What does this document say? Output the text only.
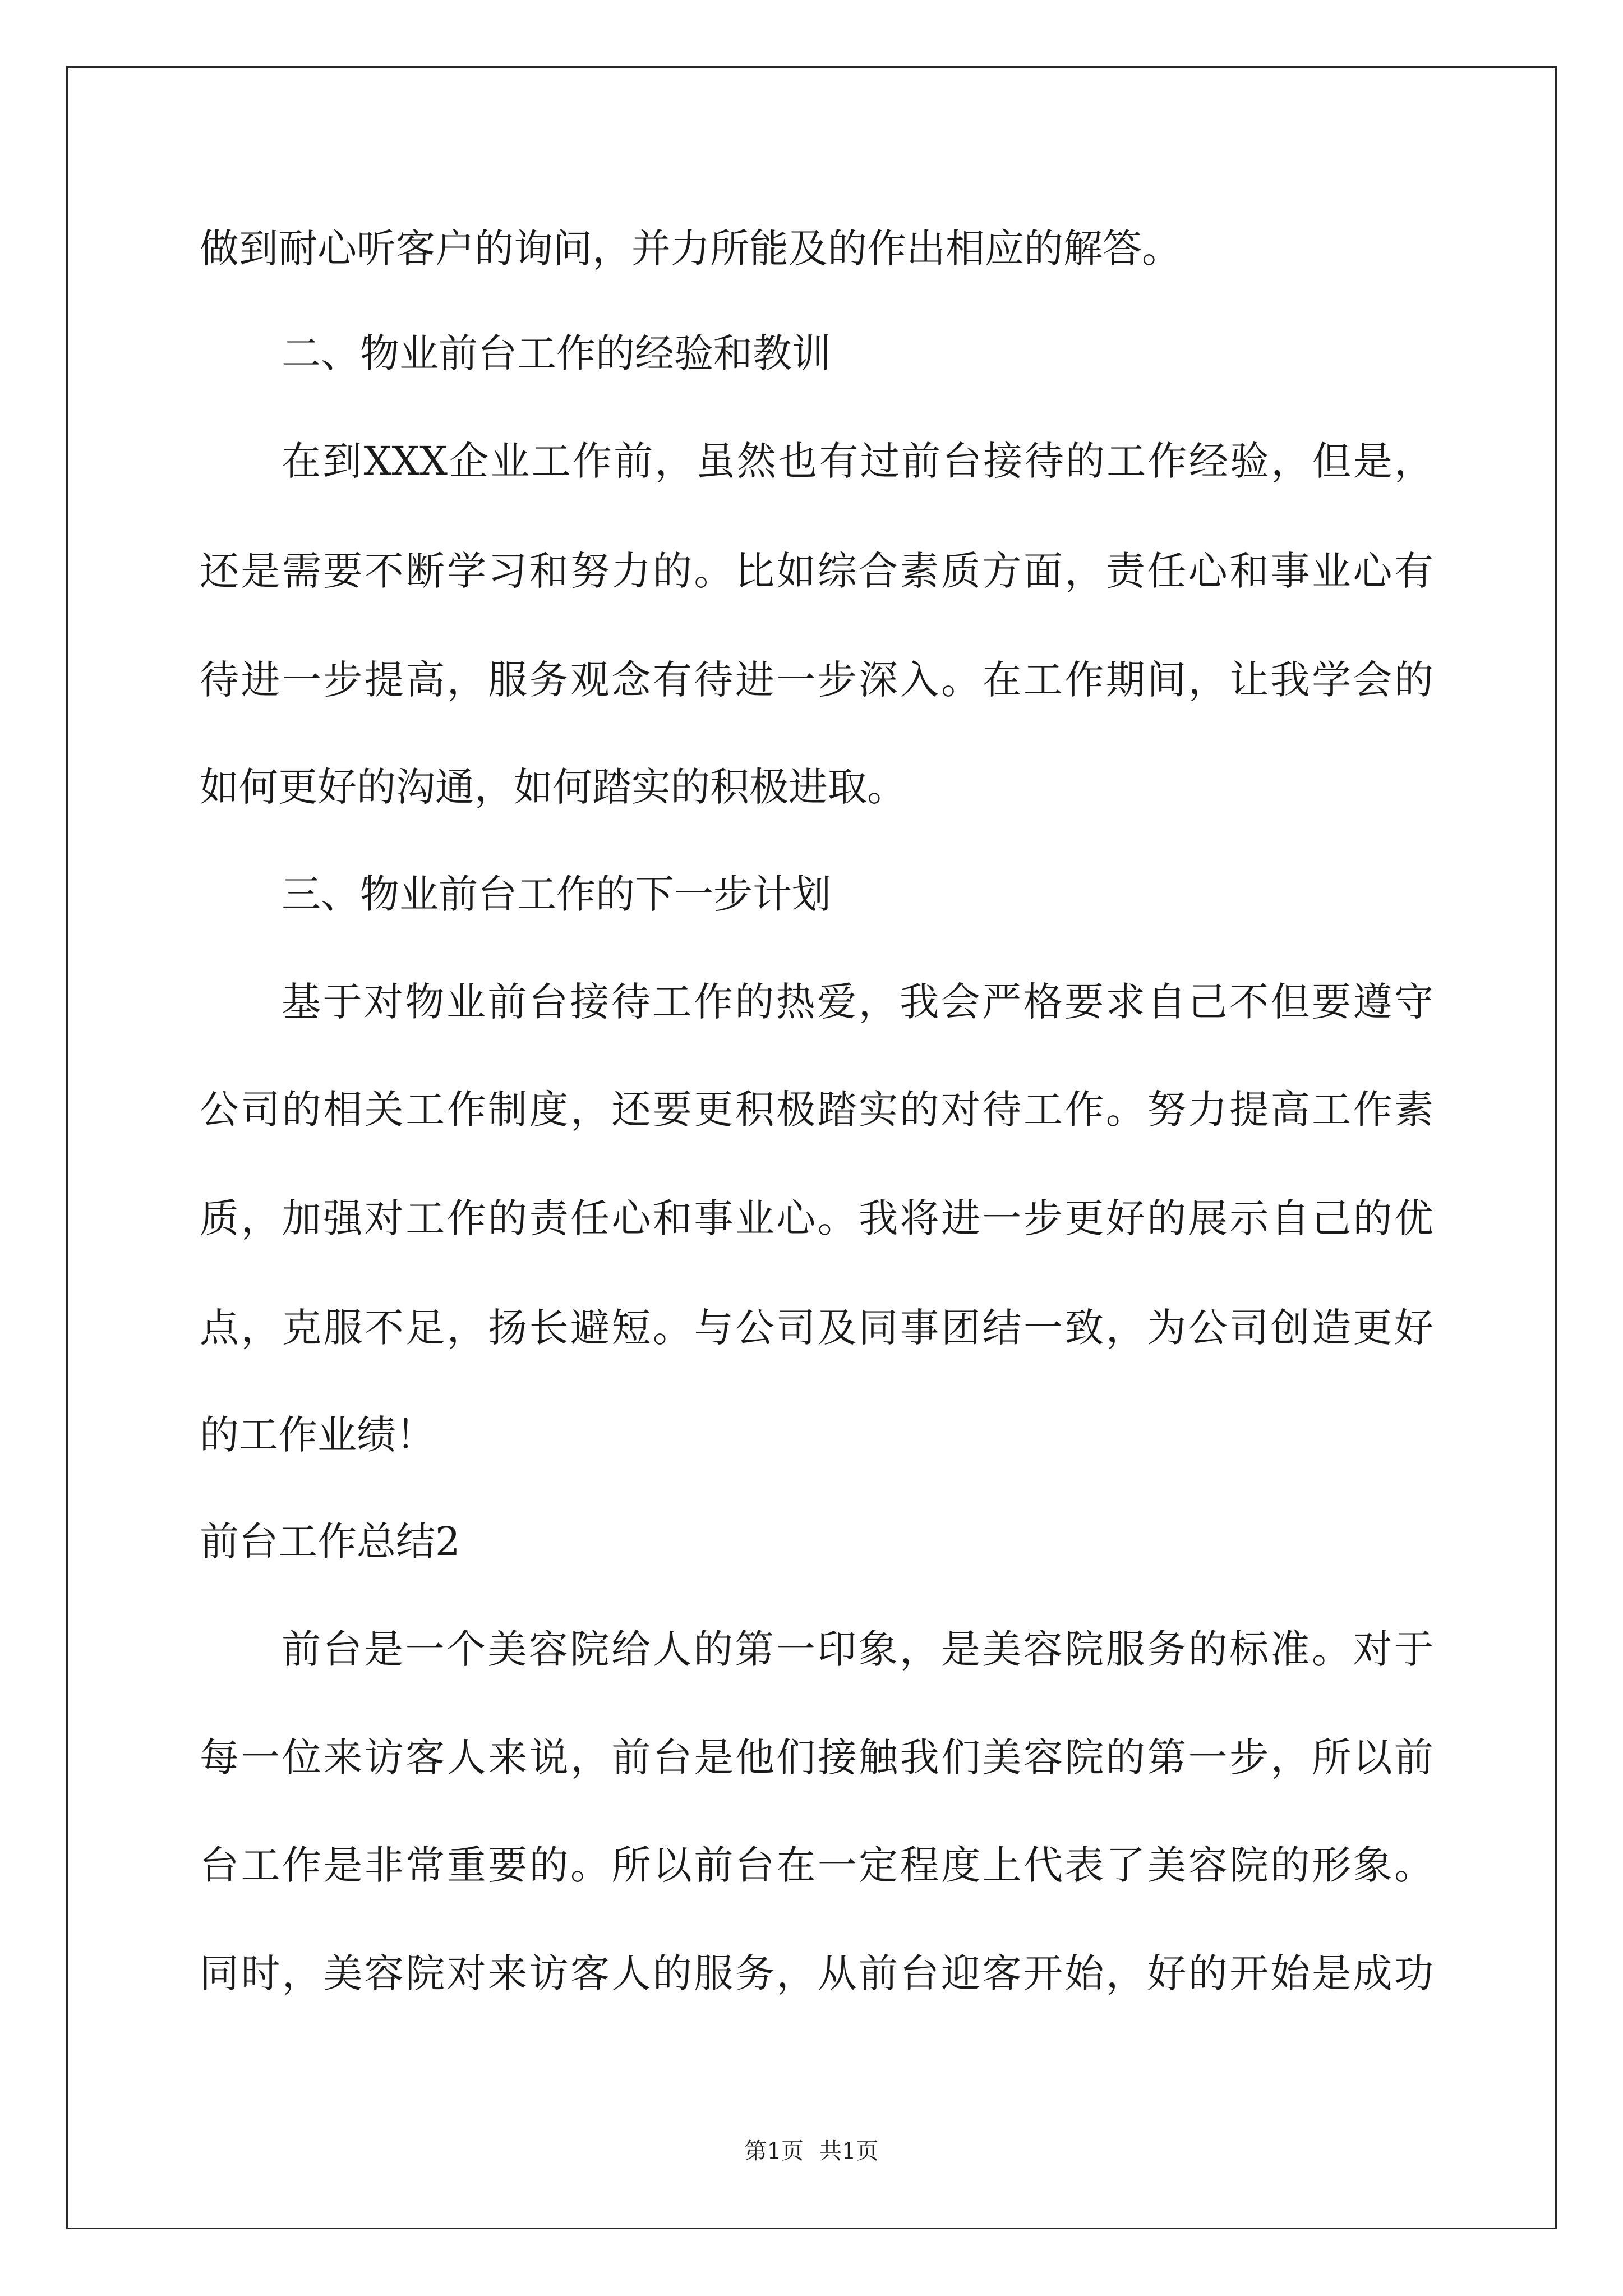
做到耐心听客户的询问，并力所能及的作出相应的解答。
二、物业前台工作的经验和教训
在到XXX企业工作前，虽然也有过前台接待的工作经验，但是，
还是需要不断学习和努力的。比如综合素质方面，责任心和事业心有
待进一步提高，服务观念有待进一步深入。在工作期间，让我学会的
如何更好的沟通，如何踏实的积极进取。
三、物业前台工作的下一步计划
基于对物业前台接待工作的热爱，我会严格要求自己不但要遵守
公司的相关工作制度，还要更积极踏实的对待工作。努力提高工作素
质，加强对工作的责任心和事业心。我将进一步更好的展示自己的优
点，克服不足，扬长避短。与公司及同事团结一致，为公司创造更好
的工作业绩！
前台工作总结2
前台是一个美容院给人的第一印象，是美容院服务的标准。对于
每一位来访客人来说，前台是他们接触我们美容院的第一步，所以前
台工作是非常重要的。所以前台在一定程度上代表了美容院的形象。
同时，美容院对来访客人的服务，从前台迎客开始，好的开始是成功
第1页 共1页
